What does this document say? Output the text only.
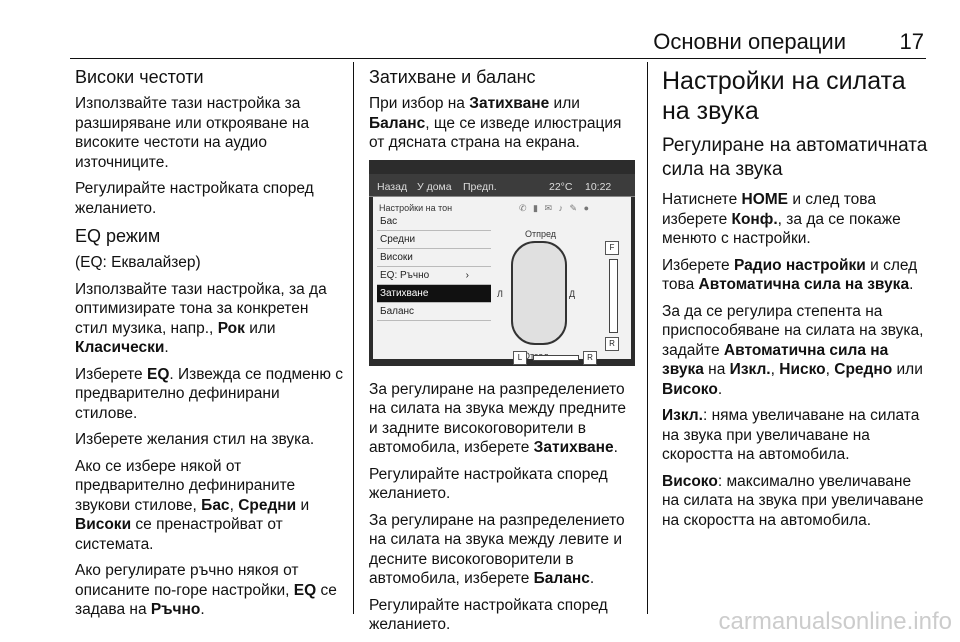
Основни операции 17
Високи честоти

Използвайте тази настройка за разширяване или открояване на високите честоти на аудио източниците.

Регулирайте настройката според желанието.

EQ режим

(EQ: Еквалайзер)

Използвайте тази настройка, за да оптимизирате тона за конкретен стил музика, напр., Рок или Класически.

Изберете EQ. Извежда се подменю с предварително дефинирани стилове.

Изберете желания стил на звука.

Ако се избере някой от предварително дефинираните звукови стилове, Бас, Средни и Високи се пренастройват от системата.

Ако регулирате ръчно някоя от описаните по-горе настройки, EQ се задава на Ръчно.

Затихване и баланс

При избор на Затихване или Баланс, ще се изведе илюстрация от дясната страна на екрана.

Назад У дома Предп.	22°C 10:22
Настройки на тон	✆ ▮ ✉ ♪ ✎ ●
Бас
Средни
Високи
EQ: Ръчно	›
Затихване
Баланс
Отпред
Л	Д
F
R
L	R

За регулиране на разпределението на силата на звука между предните и задните високоговорители в автомобила, изберете Затихване.

Регулирайте настройката според желанието.

За регулиране на разпределението на силата на звука между левите и десните високоговорители в автомобила, изберете Баланс.

Регулирайте настройката според желанието.

Настройки на силата на звука
Регулиране на автоматичната сила на звука

Натиснете HOME и след това изберете Конф., за да се покаже менюто с настройки.

Изберете Радио настройки и след това Автоматична сила на звука.

За да се регулира степента на приспособяване на силата на звука, задайте Автоматична сила на звука на Изкл., Ниско, Средно или Високо.

Изкл.: няма увеличаване на силата на звука при увеличаване на скоростта на автомобила.

Високо: максимално увеличаване на силата на звука при увеличаване на скоростта на автомобила.

carmanualsonline.info
